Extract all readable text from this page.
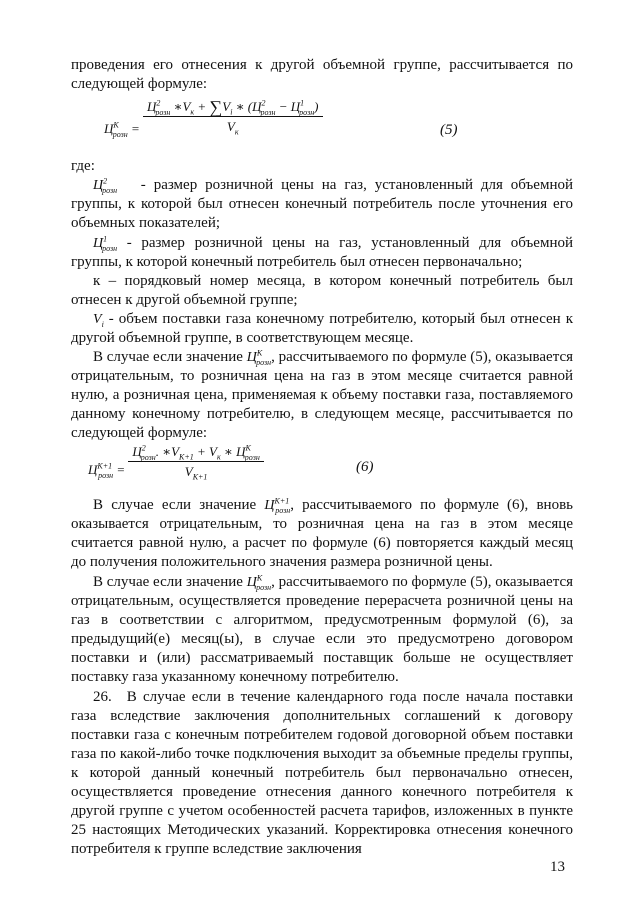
проведения его отнесения к другой объемной группе, рассчитывается по следующей формуле:
$Ц^К_{розн} = \frac{Ц^2_{розн} ∗V_к + \sum V_i ∗ (Ц^2_{розн} - Ц^1_{розн})}{V_к}$	(5)
где:
$Ц^2_{розн}$   - размер розничной цены на газ, установленный для объемной группы, к которой был отнесен конечный потребитель после уточнения его объемных показателей;
$Ц^1_{розн}$ - размер розничной цены на газ, установленный для объемной группы, к которой конечный потребитель был отнесен первоначально;
к – порядковый номер месяца, в котором конечный потребитель был отнесен к другой объемной группе;
$V_i$ - объем поставки газа конечному потребителю, который был отнесен к другой объемной группе, в соответствующем месяце.
В случае если значение $Ц^К_{розн}$, рассчитываемого по формуле (5), оказывается отрицательным, то розничная цена на газ в этом месяце считается равной нулю, а розничная цена, применяемая к объему поставки газа, поставляемого данному конечному потребителю, в следующем месяце, рассчитывается по следующей формуле:
$Ц^{К+1}_{розн} = \frac{Ц^2_{розн}. ∗V_{К+1} + V_к ∗ Ц^К_{розн}}{V_{К+1}}$	(6)
В случае если значение $Ц^{К+1}_{розн}$, рассчитываемого по формуле (6), вновь оказывается отрицательным, то розничная цена на газ в этом месяце считается равной нулю, а расчет по формуле (6) повторяется каждый месяц до получения положительного значения размера розничной цены.
В случае если значение $Ц^К_{розн}$, рассчитываемого по формуле (5), оказывается отрицательным, осуществляется проведение перерасчета розничной цены на газ в соответствии с алгоритмом, предусмотренным формулой (6), за предыдущий(е) месяц(ы), в случае если это предусмотрено договором поставки и (или) рассматриваемый поставщик больше не осуществляет поставку газа указанному конечному потребителю.
26. В случае если в течение календарного года после начала поставки газа вследствие заключения дополнительных соглашений к договору поставки газа с конечным потребителем годовой договорной объем поставки газа по какой-либо точке подключения выходит за объемные пределы группы, к которой данный конечный потребитель был первоначально отнесен, осуществляется проведение отнесения данного конечного потребителя к другой группе с учетом особенностей расчета тарифов, изложенных в пункте 25 настоящих Методических указаний. Корректировка отнесения конечного потребителя к группе вследствие заключения
13
